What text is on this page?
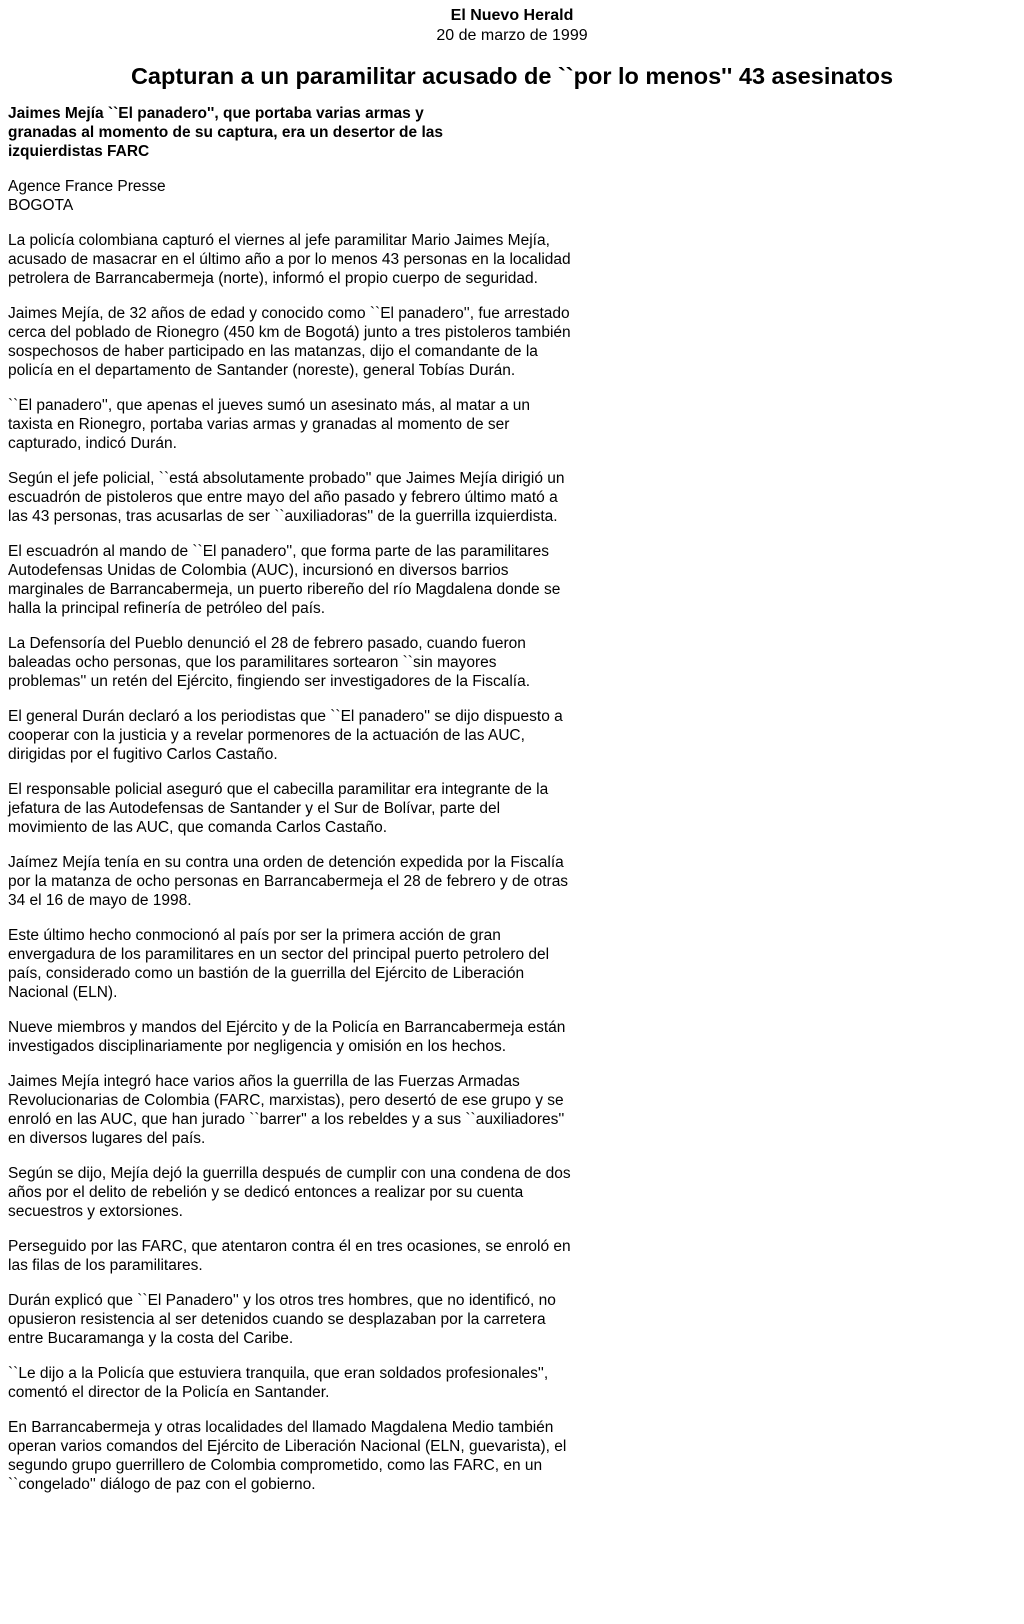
El Nuevo Herald
20 de marzo de 1999
Capturan a un paramilitar acusado de ``por lo menos'' 43 asesinatos
Jaimes Mejía ``El panadero'', que portaba varias armas y granadas al momento de su captura, era un desertor de las izquierdistas FARC
Agence France Presse
BOGOTA

La policía colombiana capturó el viernes al jefe paramilitar Mario Jaimes Mejía, acusado de masacrar en el último año a por lo menos 43 personas en la localidad petrolera de Barrancabermeja (norte), informó el propio cuerpo de seguridad.

Jaimes Mejía, de 32 años de edad y conocido como ``El panadero'', fue arrestado cerca del poblado de Rionegro (450 km de Bogotá) junto a tres pistoleros también sospechosos de haber participado en las matanzas, dijo el comandante de la policía en el departamento de Santander (noreste), general Tobías Durán.

``El panadero'', que apenas el jueves sumó un asesinato más, al matar a un taxista en Rionegro, portaba varias armas y granadas al momento de ser capturado, indicó Durán.

Según el jefe policial, ``está absolutamente probado'' que Jaimes Mejía dirigió un escuadrón de pistoleros que entre mayo del año pasado y febrero último mató a las 43 personas, tras acusarlas de ser ``auxiliadoras'' de la guerrilla izquierdista.

El escuadrón al mando de ``El panadero'', que forma parte de las paramilitares Autodefensas Unidas de Colombia (AUC), incursionó en diversos barrios marginales de Barrancabermeja, un puerto ribereño del río Magdalena donde se halla la principal refinería de petróleo del país.

La Defensoría del Pueblo denunció el 28 de febrero pasado, cuando fueron baleadas ocho personas, que los paramilitares sortearon ``sin mayores problemas'' un retén del Ejército, fingiendo ser investigadores de la Fiscalía.

El general Durán declaró a los periodistas que ``El panadero'' se dijo dispuesto a cooperar con la justicia y a revelar pormenores de la actuación de las AUC, dirigidas por el fugitivo Carlos Castaño.

El responsable policial aseguró que el cabecilla paramilitar era integrante de la jefatura de las Autodefensas de Santander y el Sur de Bolívar, parte del movimiento de las AUC, que comanda Carlos Castaño.

Jaímez Mejía tenía en su contra una orden de detención expedida por la Fiscalía por la matanza de ocho personas en Barrancabermeja el 28 de febrero y de otras 34 el 16 de mayo de 1998.

Este último hecho conmocionó al país por ser la primera acción de gran envergadura de los paramilitares en un sector del principal puerto petrolero del país, considerado como un bastión de la guerrilla del Ejército de Liberación Nacional (ELN).

Nueve miembros y mandos del Ejército y de la Policía en Barrancabermeja están investigados disciplinariamente por negligencia y omisión en los hechos.

Jaimes Mejía integró hace varios años la guerrilla de las Fuerzas Armadas Revolucionarias de Colombia (FARC, marxistas), pero desertó de ese grupo y se enroló en las AUC, que han jurado ``barrer'' a los rebeldes y a sus ``auxiliadores'' en diversos lugares del país.

Según se dijo, Mejía dejó la guerrilla después de cumplir con una condena de dos años por el delito de rebelión y se dedicó entonces a realizar por su cuenta secuestros y extorsiones.

Perseguido por las FARC, que atentaron contra él en tres ocasiones, se enroló en las filas de los paramilitares.

Durán explicó que ``El Panadero'' y los otros tres hombres, que no identificó, no opusieron resistencia al ser detenidos cuando se desplazaban por la carretera entre Bucaramanga y la costa del Caribe.

``Le dijo a la Policía que estuviera tranquila, que eran soldados profesionales'', comentó el director de la Policía en Santander.

En Barrancabermeja y otras localidades del llamado Magdalena Medio también operan varios comandos del Ejército de Liberación Nacional (ELN, guevarista), el segundo grupo guerrillero de Colombia comprometido, como las FARC, en un ``congelado'' diálogo de paz con el gobierno.
